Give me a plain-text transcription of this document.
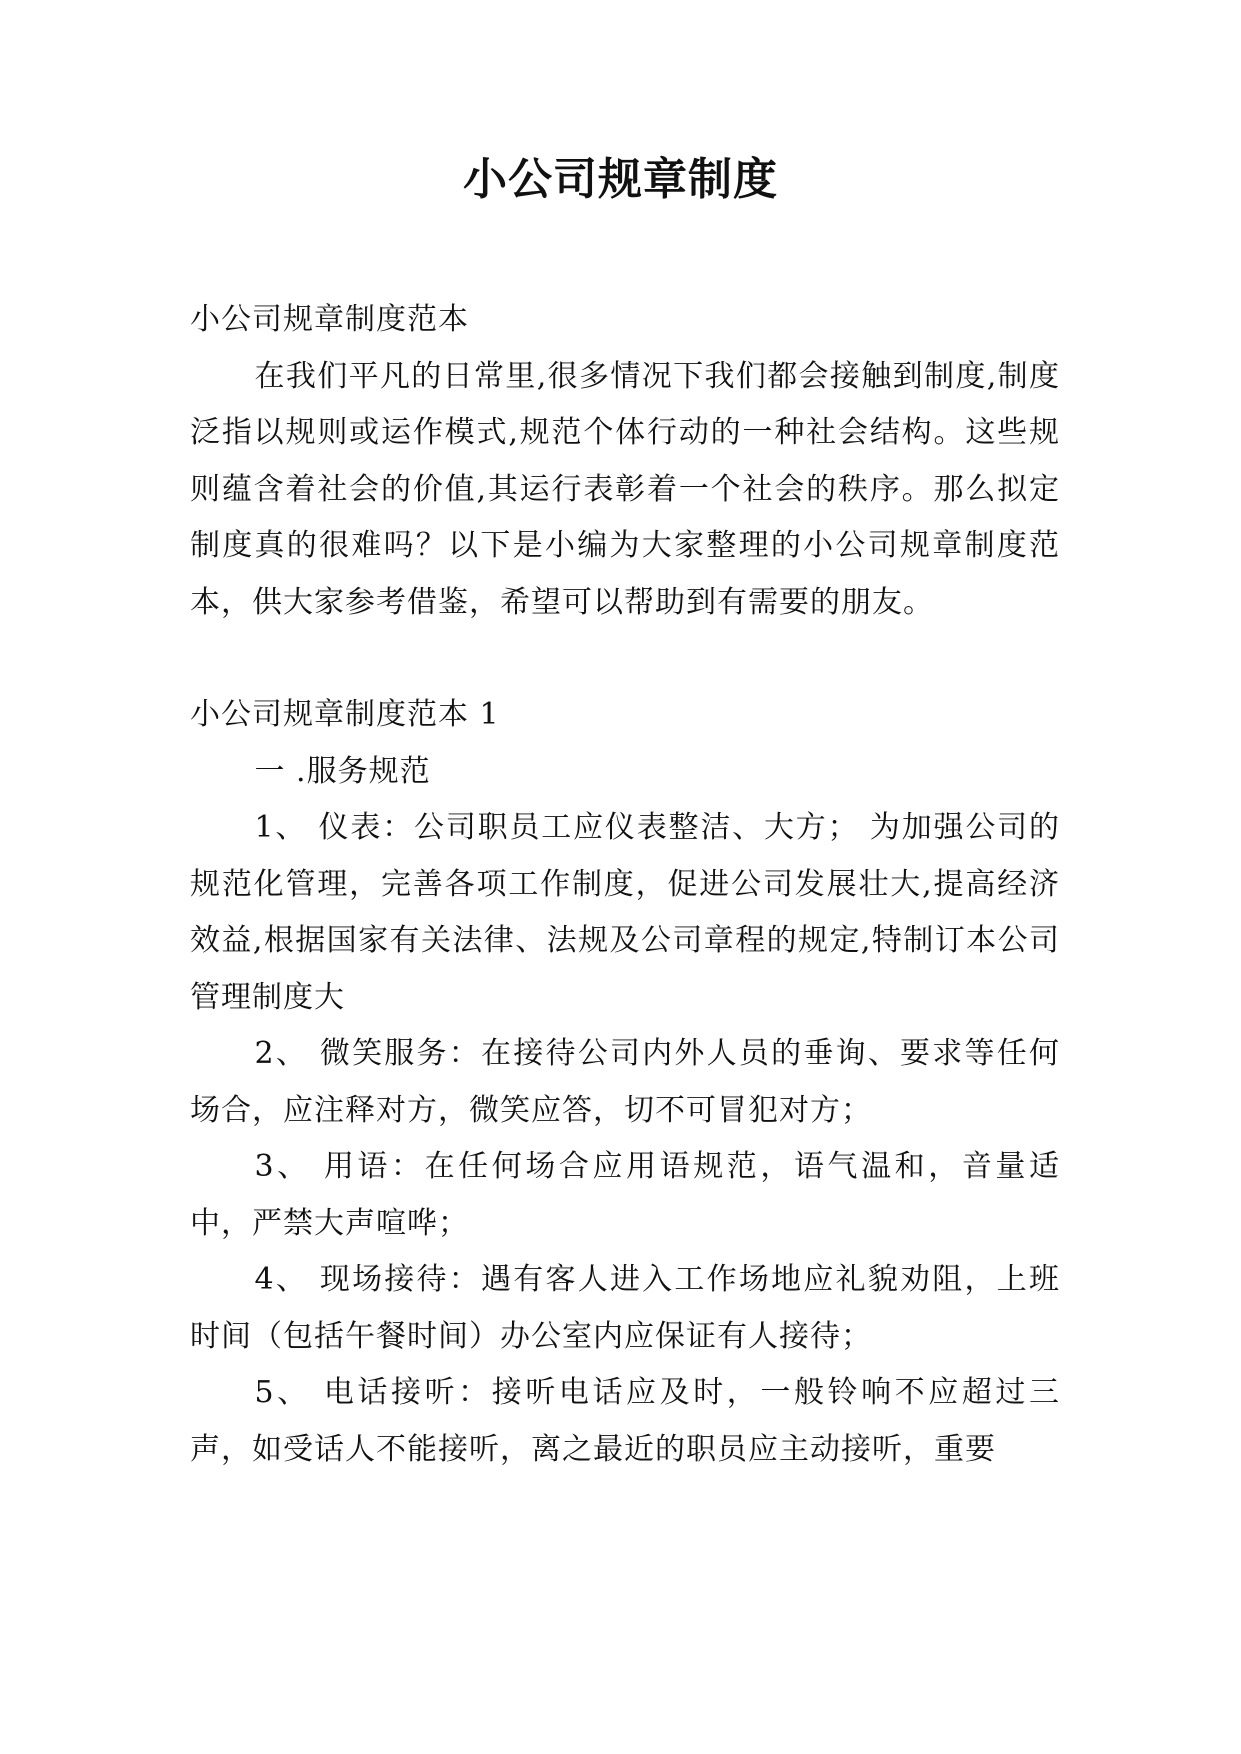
小公司规章制度

小公司规章制度范本

在我们平凡的日常里,很多情况下我们都会接触到制度,制度泛指以规则或运作模式,规范个体行动的一种社会结构。这些规则蕴含着社会的价值,其运行表彰着一个社会的秩序。那么拟定制度真的很难吗？以下是小编为大家整理的小公司规章制度范本，供大家参考借鉴，希望可以帮助到有需要的朋友。

小公司规章制度范本 1

一 .服务规范

1、 仪表：公司职员工应仪表整洁、大方； 为加强公司的规范化管理，完善各项工作制度，促进公司发展壮大,提高经济效益,根据国家有关法律、法规及公司章程的规定,特制订本公司管理制度大

2、 微笑服务：在接待公司内外人员的垂询、要求等任何场合，应注释对方，微笑应答，切不可冒犯对方；

3、 用语：在任何场合应用语规范，语气温和，音量适中，严禁大声喧哗；

4、 现场接待：遇有客人进入工作场地应礼貌劝阻，上班时间（包括午餐时间）办公室内应保证有人接待；

5、 电话接听：接听电话应及时，一般铃响不应超过三声，如受话人不能接听，离之最近的职员应主动接听，重要
